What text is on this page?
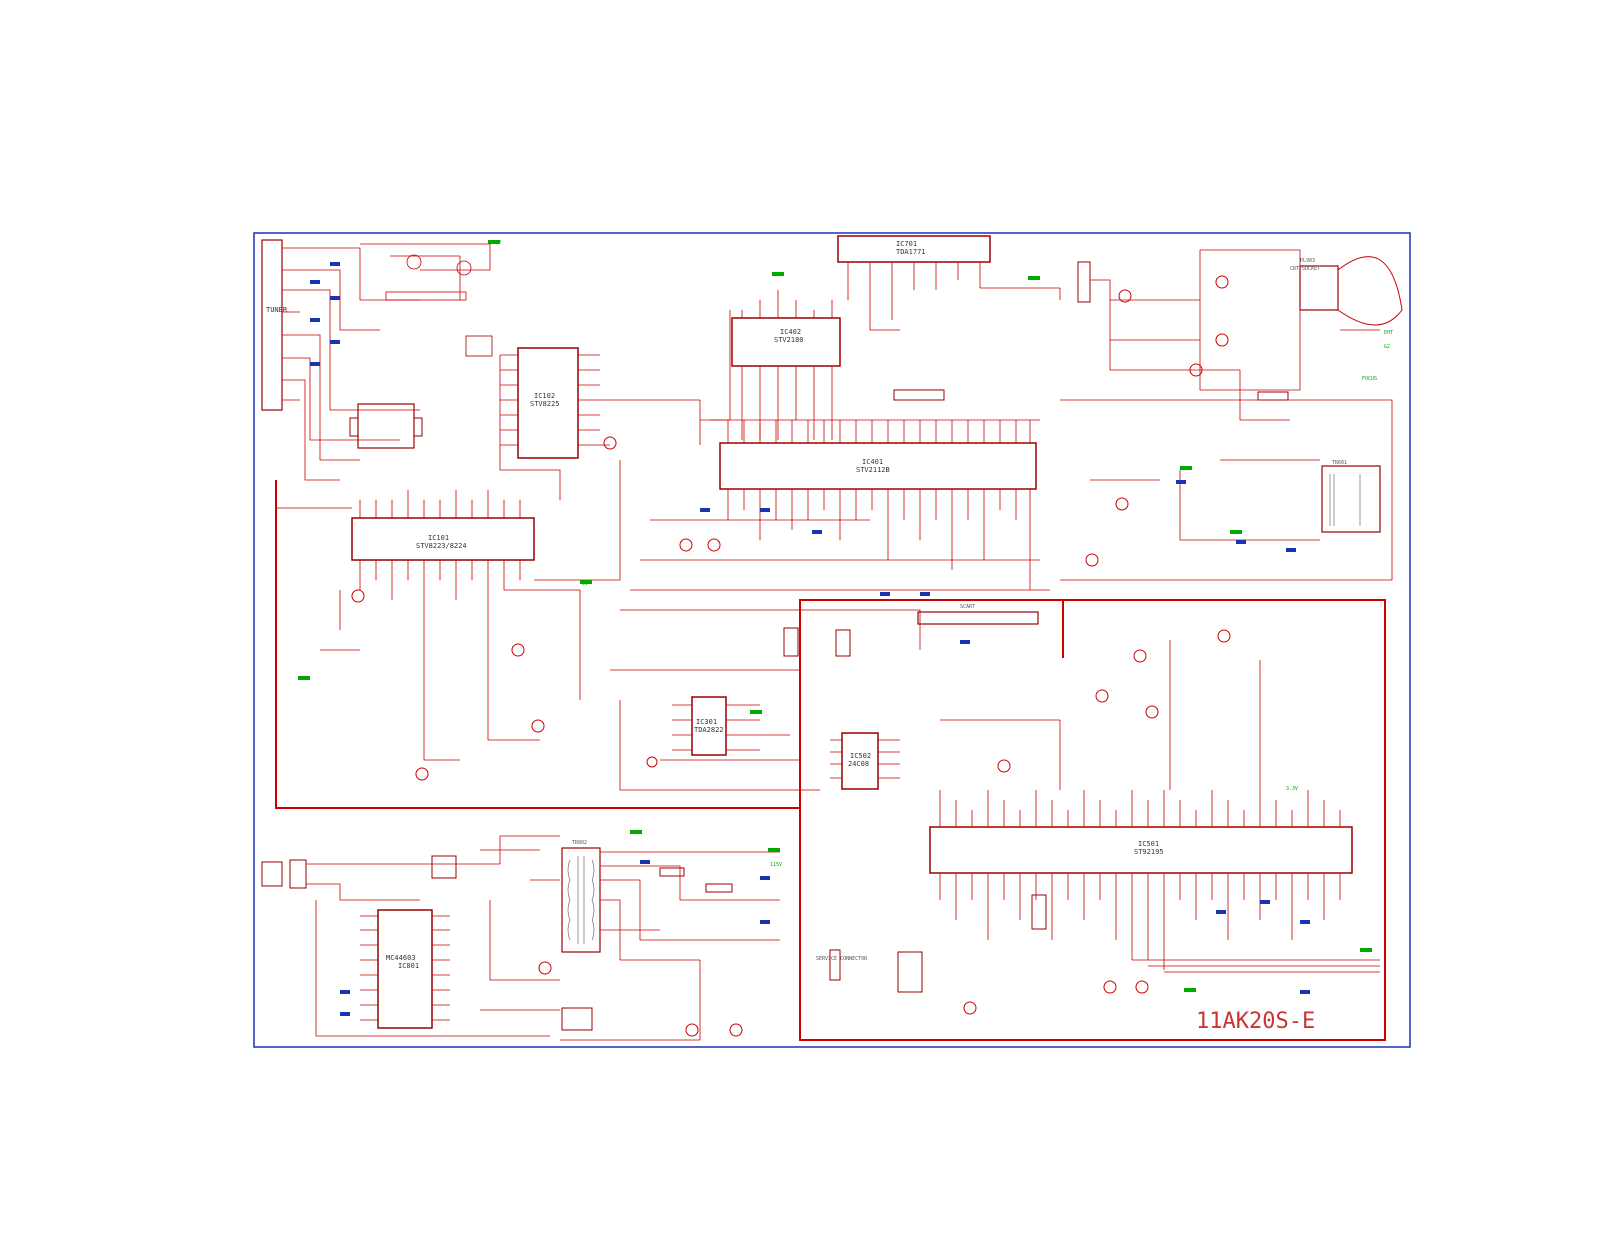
TUNER
IC701
TDA1771
IC402
STV2180
IC401
STV2112B
IC102
STV8225
IC101
STV8223/8224
IC301
TDA2822
IC502
24C08
IC501
ST92195
SCART
PL903
CRT SOCKET
EHT
G2
FOCUS
TR601
IC801
MC44603
TR802
SERVICE CONNECTOR
12V
5V
3.3V
8V
115V
11AK20S-E
